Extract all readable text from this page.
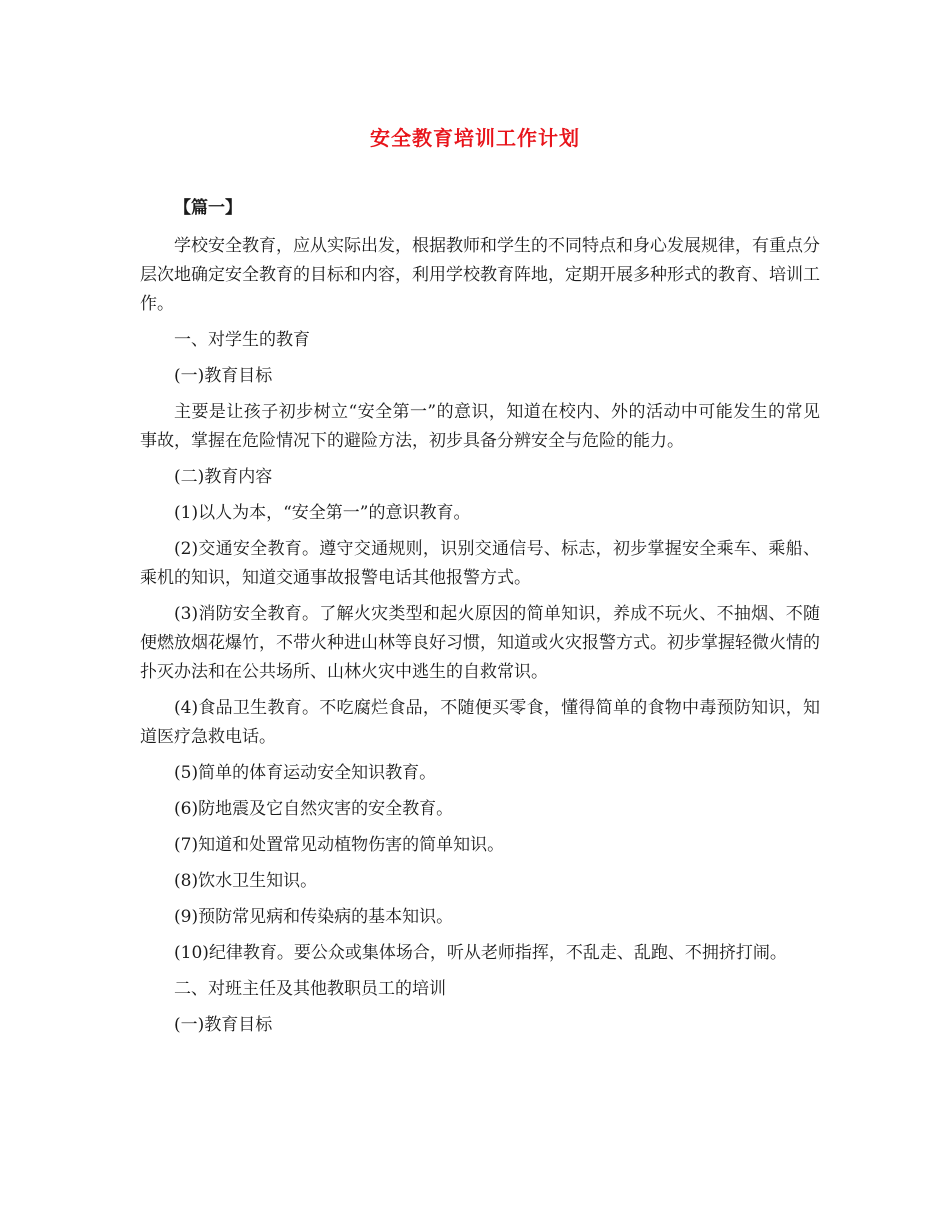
安全教育培训工作计划

【篇一】

学校安全教育，应从实际出发，根据教师和学生的不同特点和身心发展规律，有重点分层次地确定安全教育的目标和内容，利用学校教育阵地，定期开展多种形式的教育、培训工作。

一、对学生的教育

(一)教育目标

主要是让孩子初步树立“安全第一”的意识，知道在校内、外的活动中可能发生的常见事故，掌握在危险情况下的避险方法，初步具备分辨安全与危险的能力。

(二)教育内容

(1)以人为本，“安全第一”的意识教育。

(2)交通安全教育。遵守交通规则，识别交通信号、标志，初步掌握安全乘车、乘船、乘机的知识，知道交通事故报警电话其他报警方式。

(3)消防安全教育。了解火灾类型和起火原因的简单知识，养成不玩火、不抽烟、不随便燃放烟花爆竹，不带火种进山林等良好习惯，知道或火灾报警方式。初步掌握轻微火情的扑灭办法和在公共场所、山林火灾中逃生的自救常识。

(4)食品卫生教育。不吃腐烂食品，不随便买零食，懂得简单的食物中毒预防知识，知道医疗急救电话。

(5)简单的体育运动安全知识教育。

(6)防地震及它自然灾害的安全教育。

(7)知道和处置常见动植物伤害的简单知识。

(8)饮水卫生知识。

(9)预防常见病和传染病的基本知识。

(10)纪律教育。要公众或集体场合，听从老师指挥，不乱走、乱跑、不拥挤打闹。

二、对班主任及其他教职员工的培训

(一)教育目标
